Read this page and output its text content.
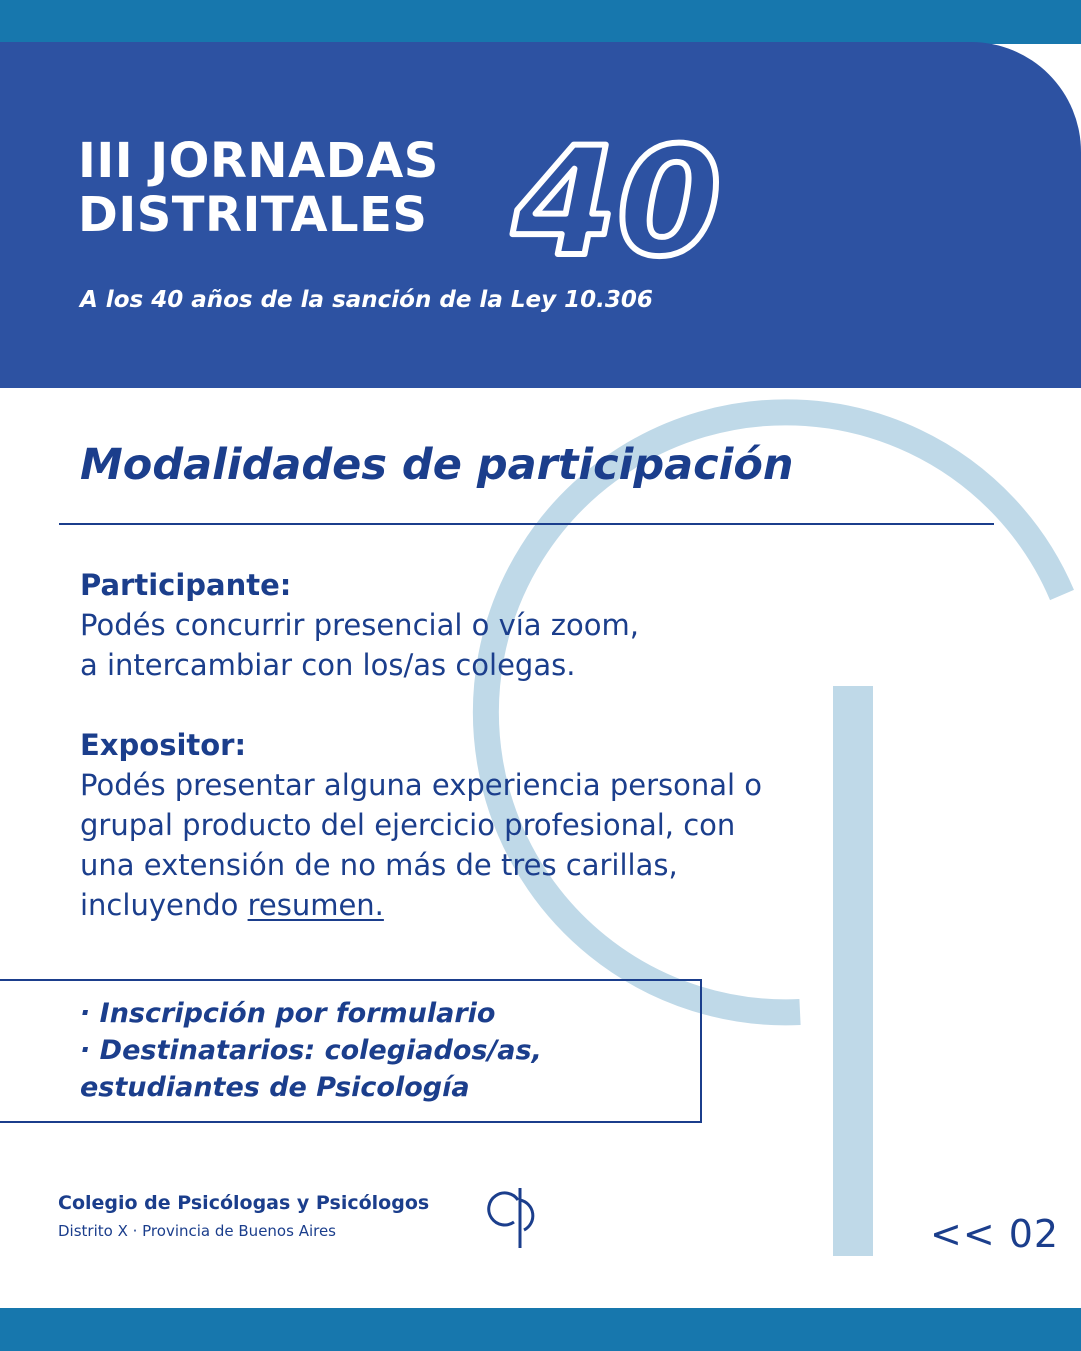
III JORNADAS
DISTRITALES 40

A los 40 años de la sanción de la Ley 10.306

Modalidades de participación
Participante:

Podés concurrir presencial o vía zoom,

a intercambiar con los/as colegas.

Expositor:

Podés presentar alguna experiencia personal o

grupal producto del ejercicio profesional, con

una extensión de no más de tres carillas,

incluyendo resumen.

· Inscripción por formulario

· Destinatarios: colegiados/as,

estudiantes de Psicología

Colegio de Psicólogas y Psicólogos

Distrito X · Provincia de Buenos Aires	<< 02
